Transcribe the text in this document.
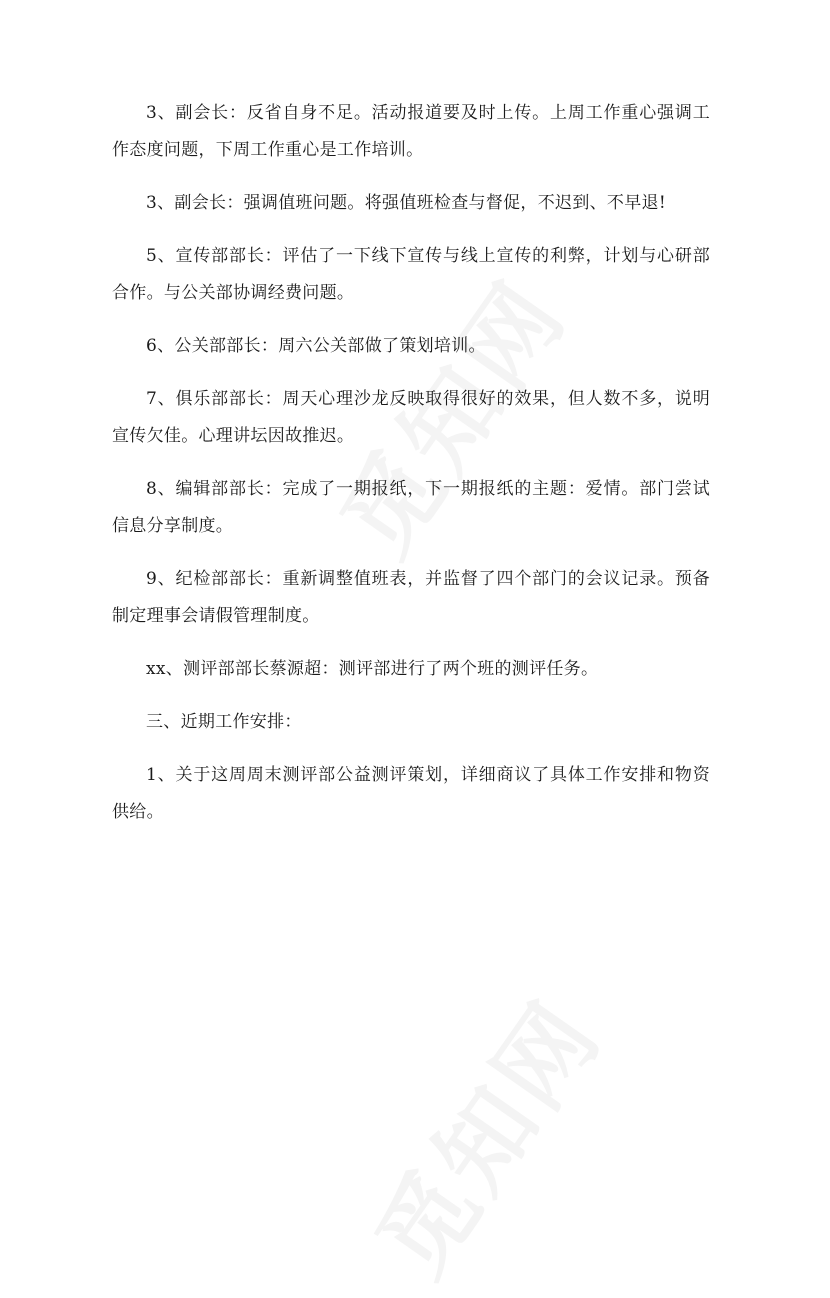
3、副会长：反省自身不足。活动报道要及时上传。上周工作重心强调工作态度问题，下周工作重心是工作培训。

3、副会长：强调值班问题。将强值班检查与督促，不迟到、不早退!

5、宣传部部长：评估了一下线下宣传与线上宣传的利弊，计划与心研部合作。与公关部协调经费问题。

6、公关部部长：周六公关部做了策划培训。

7、俱乐部部长：周天心理沙龙反映取得很好的效果，但人数不多，说明宣传欠佳。心理讲坛因故推迟。

8、编辑部部长：完成了一期报纸，下一期报纸的主题：爱情。部门尝试信息分享制度。

9、纪检部部长：重新调整值班表，并监督了四个部门的会议记录。预备制定理事会请假管理制度。

xx、测评部部长蔡源超：测评部进行了两个班的测评任务。

三、近期工作安排：

1、关于这周周末测评部公益测评策划，详细商议了具体工作安排和物资供给。
